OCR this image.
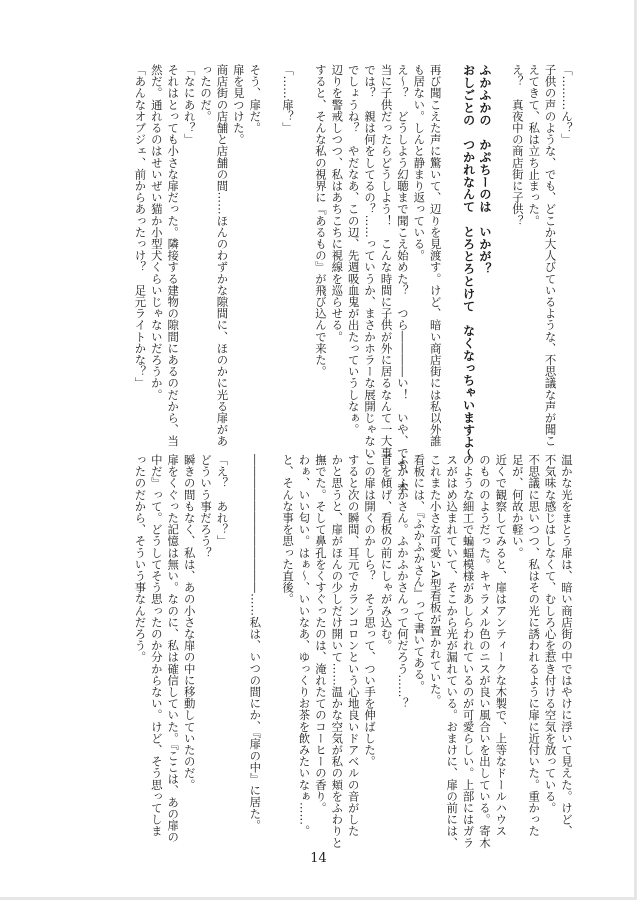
「………ん？」
子供の声のような、でも、どこか大人びているような、不思議な声が聞こ
えてきて、私は立ち止まった。
え？　真夜中の商店街に子供？

ふかふかの　かぷちーのは　いかが？
おしごとの　つかれなんて　とろとろとけて　なくなっちゃいますよ～

再び聞こえた声に驚いて、辺りを見渡す。けど、暗い商店街には私以外誰
も居ない。しんと静まり返っている。
え～？　どうしよう幻聴まで聞こえ始めた？　つら――――い！　いや、でも、本
当に子供だったらどうしよう！　こんな時間に子供が外に居るなんて一大事
では？　親は何をしてるの？……っていうか、まさかホラーな展開じゃない
でしょうね？　やだなあ、この辺、先週吸血鬼が出たっていうしなぁ。
辺りを警戒しつつ、私はあちこちに視線を巡らせる。
すると、そんな私の視界に『あるもの』が飛び込んで来た。

「……扉？」

そう、扉だ。
扉を見つけた。
商店街の店舗と店舗の間……ほんのわずかな隙間に、ほのかに光る扉があ
ったのだ。
「なにあれ？」
それはとっても小さな扉だった。隣接する建物の隙間にあるのだから、当
然だ。通れるのはせいぜい猫か小型犬くらいじゃないだろうか。
「あんなオブジェ、前からあったっけ？　足元ライトかな？」
温かな光をまとう扉は、暗い商店街の中ではやけに浮いて見えた。けど、
不気味な感じはしなくて、むしろ心を惹き付ける空気を放っている。
不思議に思いつつ、私はその光に誘われるように扉に近付いた。重かった
足が、何故か軽い。
近くで観察してみると、扉はアンティークな木製で、上等なドールハウス
のもののようだった。キャラメル色のニスが良い風合いを出している。寄木
のような細工で蝙蝠模様があしらわれているのが可愛らしい。上部にはガラ
スがはめ込まれていて、そこから光が漏れている。おまけに、扉の前には、
これまた小さな可愛いA型看板が置かれていた。
看板には、『ふかふかさん』って書いてある。
ふかふかさん。ふかふかさんって何だろう……？
首を傾げ、看板の前にしゃがみ込む。
この扉は開くのかしら？　そう思って、つい手を伸ばした。
すると次の瞬間、耳元でカランコロンという心地良いドアベルの音がした
かと思うと、扉がほんの少しだけ開いて……温かな空気が私の頬をふわりと
撫でた。そして鼻孔をくすぐったのは、淹れたてのコーヒーの香り。
わぁ、いい匂い。はぁ～、いいなあ、ゆっくりお茶を飲みたいなぁ……。
と、そんな事を思った直後。

――――――――――――……私は、いつの間にか、『扉の中』に居た。

「え？　あれ？」
どういう事だろう？
瞬きの間もなく、私は、あの小さな扉の中に移動していたのだ。
扉をくぐった記憶は無い。なのに、私は確信していた。『ここは、あの扉の
中だ』って。どうしてそう思ったのか分からない。けど、そう思ってしま
ったのだから、そういう事なんだろう。
14
